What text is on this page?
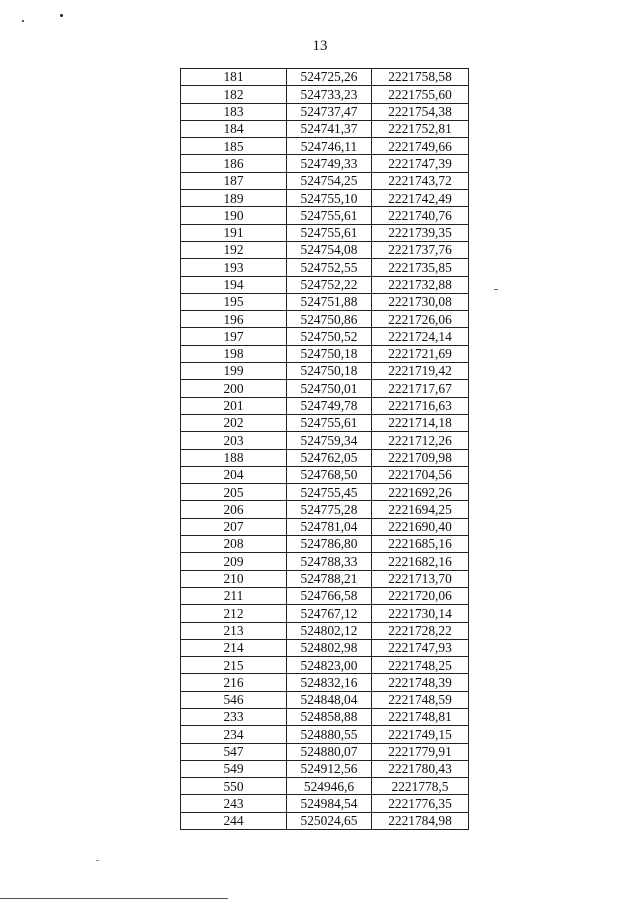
13
181	524725,26	2221758,58
182	524733,23	2221755,60
183	524737,47	2221754,38
184	524741,37	2221752,81
185	524746,11	2221749,66
186	524749,33	2221747,39
187	524754,25	2221743,72
189	524755,10	2221742,49
190	524755,61	2221740,76
191	524755,61	2221739,35
192	524754,08	2221737,76
193	524752,55	2221735,85
194	524752,22	2221732,88
195	524751,88	2221730,08
196	524750,86	2221726,06
197	524750,52	2221724,14
198	524750,18	2221721,69
199	524750,18	2221719,42
200	524750,01	2221717,67
201	524749,78	2221716,63
202	524755,61	2221714,18
203	524759,34	2221712,26
188	524762,05	2221709,98
204	524768,50	2221704,56
205	524755,45	2221692,26
206	524775,28	2221694,25
207	524781,04	2221690,40
208	524786,80	2221685,16
209	524788,33	2221682,16
210	524788,21	2221713,70
211	524766,58	2221720,06
212	524767,12	2221730,14
213	524802,12	2221728,22
214	524802,98	2221747,93
215	524823,00	2221748,25
216	524832,16	2221748,39
546	524848,04	2221748,59
233	524858,88	2221748,81
234	524880,55	2221749,15
547	524880,07	2221779,91
549	524912,56	2221780,43
550	524946,6	2221778,5
243	524984,54	2221776,35
244	525024,65	2221784,98
